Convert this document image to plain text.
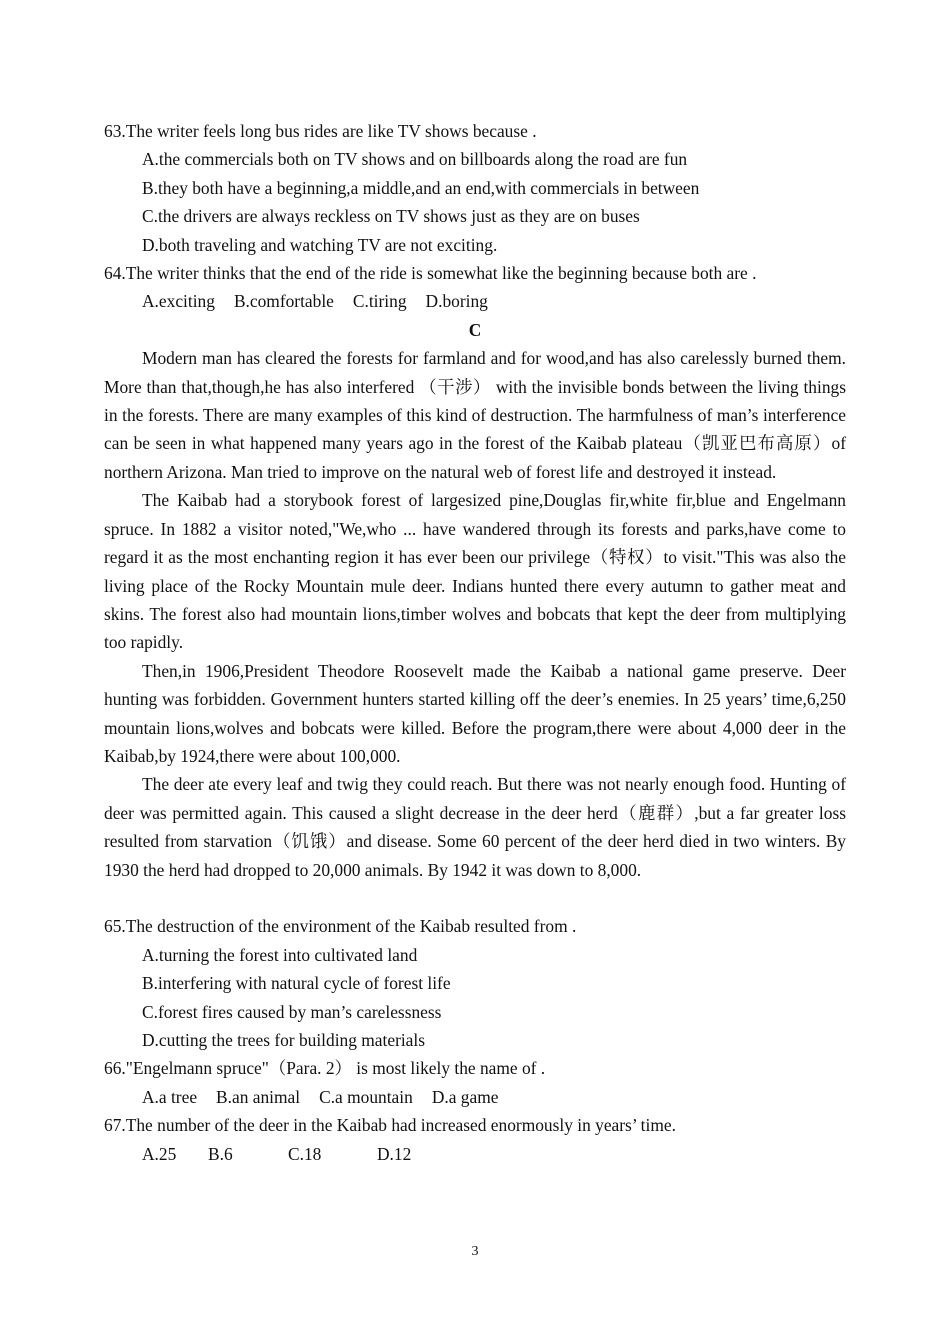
63.The writer feels long bus rides are like TV shows because .
A.the commercials both on TV shows and on billboards along the road are fun
B.they both have a beginning,a middle,and an end,with commercials in between
C.the drivers are always reckless on TV shows just as they are on buses
D.both traveling and watching TV are not exciting.
64.The writer thinks that the end of the ride is somewhat like the beginning because both are .
A.exciting B.comfortable C.tiring D.boring
C

Modern man has cleared the forests for farmland and for wood,and has also carelessly burned them. More than that,though,he has also interfered （干涉） with the invisible bonds between the living things in the forests. There are many examples of this kind of destruction. The harmfulness of man’s interference can be seen in what happened many years ago in the forest of the Kaibab plateau（凯亚巴布高原）of northern Arizona. Man tried to improve on the natural web of forest life and destroyed it instead.

The Kaibab had a storybook forest of largesized pine,Douglas fir,white fir,blue and Engelmann spruce. In 1882 a visitor noted,"We,who ... have wandered through its forests and parks,have come to regard it as the most enchanting region it has ever been our privilege（特权）to visit."This was also the living place of the Rocky Mountain mule deer. Indians hunted there every autumn to gather meat and skins. The forest also had mountain lions,timber wolves and bobcats that kept the deer from multiplying too rapidly.

Then,in 1906,President Theodore Roosevelt made the Kaibab a national game preserve. Deer hunting was forbidden. Government hunters started killing off the deer’s enemies. In 25 years’ time,6,250 mountain lions,wolves and bobcats were killed. Before the program,there were about 4,000 deer in the Kaibab,by 1924,there were about 100,000.

The deer ate every leaf and twig they could reach. But there was not nearly enough food. Hunting of deer was permitted again. This caused a slight decrease in the deer herd（鹿群）,but a far greater loss resulted from starvation（饥饿）and disease. Some 60 percent of the deer herd died in two winters. By 1930 the herd had dropped to 20,000 animals. By 1942 it was down to 8,000.

65.The destruction of the environment of the Kaibab resulted from .
A.turning the forest into cultivated land
B.interfering with natural cycle of forest life
C.forest fires caused by man’s carelessness
D.cutting the trees for building materials
66."Engelmann spruce"（Para. 2） is most likely the name of .
A.a tree B.an animal C.a mountain D.a game
67.The number of the deer in the Kaibab had increased enormously in years’ time.
A.25 B.6	C.18	D.12
3
